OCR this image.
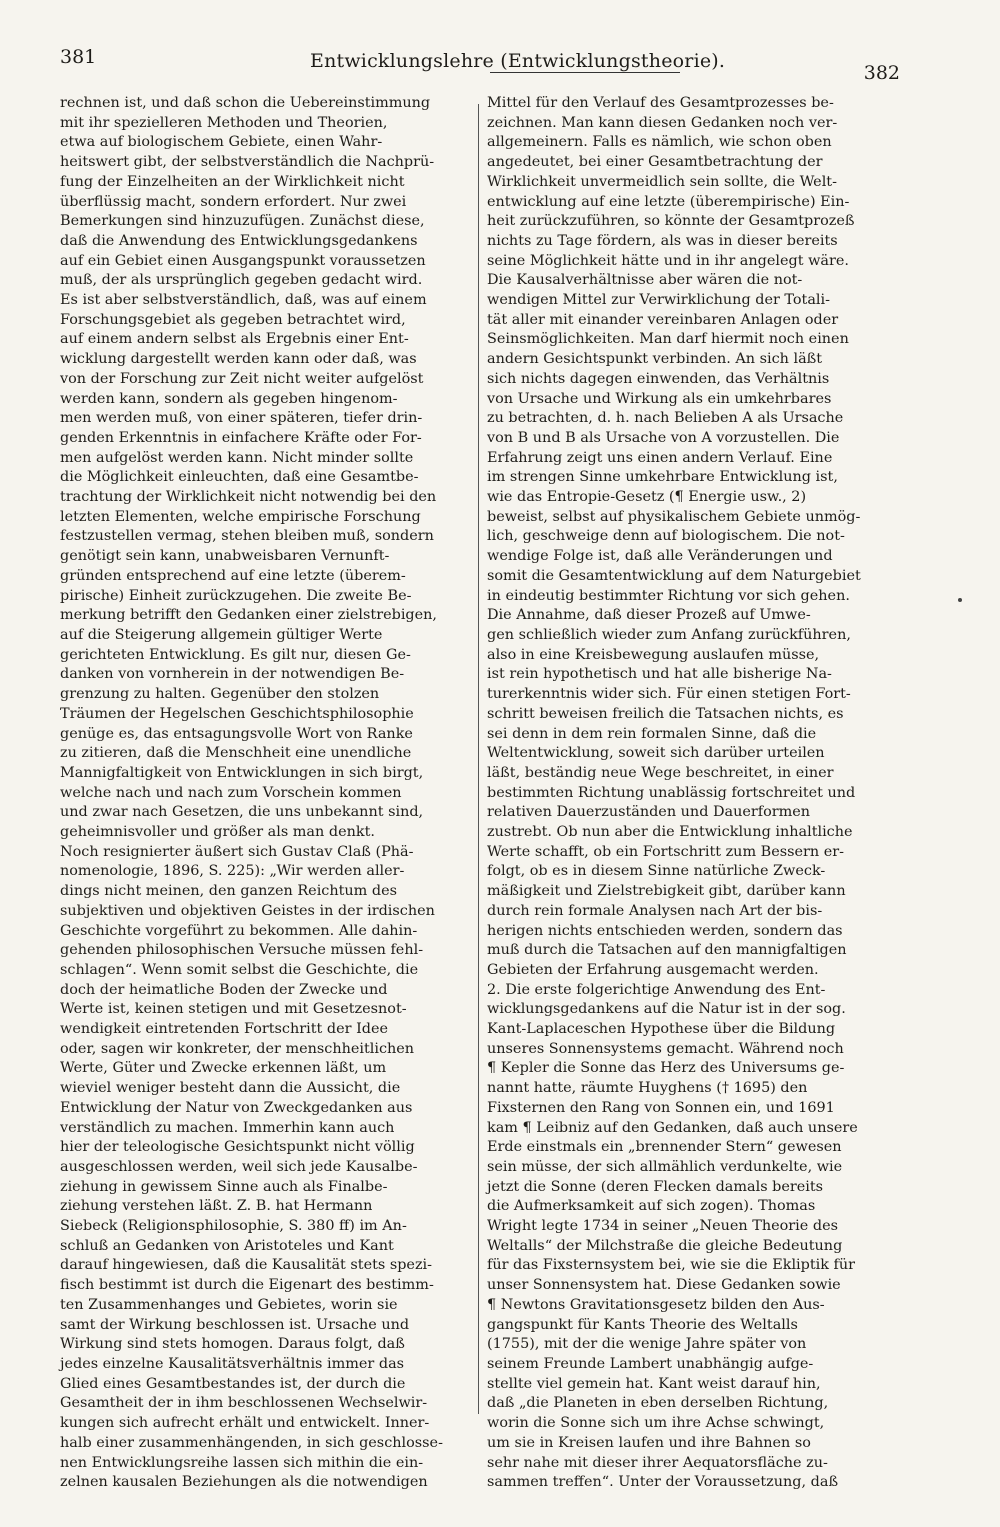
381	Entwicklungslehre (Entwicklungstheorie).
382

rechnen ist, und daß schon die Uebereinstimmung
mit ihr spezielleren Methoden und Theorien,
etwa auf biologischem Gebiete, einen Wahr-
heitswert gibt, der selbstverständlich die Nachprü-
fung der Einzelheiten an der Wirklichkeit nicht
überflüssig macht, sondern erfordert. Nur zwei
Bemerkungen sind hinzuzufügen. Zunächst diese,
daß die Anwendung des Entwicklungsgedankens
auf ein Gebiet einen Ausgangspunkt voraussetzen
muß, der als ursprünglich gegeben gedacht wird.
Es ist aber selbstverständlich, daß, was auf einem
Forschungsgebiet als gegeben betrachtet wird,
auf einem andern selbst als Ergebnis einer Ent-
wicklung dargestellt werden kann oder daß, was
von der Forschung zur Zeit nicht weiter aufgelöst
werden kann, sondern als gegeben hingenom-
men werden muß, von einer späteren, tiefer drin-
genden Erkenntnis in einfachere Kräfte oder For-
men aufgelöst werden kann. Nicht minder sollte
die Möglichkeit einleuchten, daß eine Gesamtbe-
trachtung der Wirklichkeit nicht notwendig bei den
letzten Elementen, welche empirische Forschung
festzustellen vermag, stehen bleiben muß, sondern
genötigt sein kann, unabweisbaren Vernunft-
gründen entsprechend auf eine letzte (überem-
pirische) Einheit zurückzugehen. Die zweite Be-
merkung betrifft den Gedanken einer zielstrebigen,
auf die Steigerung allgemein gültiger Werte
gerichteten Entwicklung. Es gilt nur, diesen Ge-
danken von vornherein in der notwendigen Be-
grenzung zu halten. Gegenüber den stolzen
Träumen der Hegelschen Geschichtsphilosophie
genüge es, das entsagungsvolle Wort von Ranke
zu zitieren, daß die Menschheit eine unendliche
Mannigfaltigkeit von Entwicklungen in sich birgt,
welche nach und nach zum Vorschein kommen
und zwar nach Gesetzen, die uns unbekannt sind,
geheimnisvoller und größer als man denkt.
Noch resignierter äußert sich Gustav Claß (Phä-
nomenologie, 1896, S. 225): „Wir werden aller-
dings nicht meinen, den ganzen Reichtum des
subjektiven und objektiven Geistes in der irdischen
Geschichte vorgeführt zu bekommen. Alle dahin-
gehenden philosophischen Versuche müssen fehl-
schlagen“. Wenn somit selbst die Geschichte, die
doch der heimatliche Boden der Zwecke und
Werte ist, keinen stetigen und mit Gesetzesnot-
wendigkeit eintretenden Fortschritt der Idee
oder, sagen wir konkreter, der menschheitlichen
Werte, Güter und Zwecke erkennen läßt, um
wieviel weniger besteht dann die Aussicht, die
Entwicklung der Natur von Zweckgedanken aus
verständlich zu machen. Immerhin kann auch
hier der teleologische Gesichtspunkt nicht völlig
ausgeschlossen werden, weil sich jede Kausalbe-
ziehung in gewissem Sinne auch als Finalbe-
ziehung verstehen läßt. Z. B. hat Hermann
Siebeck (Religionsphilosophie, S. 380 ff) im An-
schluß an Gedanken von Aristoteles und Kant
darauf hingewiesen, daß die Kausalität stets spezi-
fisch bestimmt ist durch die Eigenart des bestimm-
ten Zusammenhanges und Gebietes, worin sie
samt der Wirkung beschlossen ist. Ursache und
Wirkung sind stets homogen. Daraus folgt, daß
jedes einzelne Kausalitätsverhältnis immer das
Glied eines Gesamtbestandes ist, der durch die
Gesamtheit der in ihm beschlossenen Wechselwir-
kungen sich aufrecht erhält und entwickelt. Inner-
halb einer zusammenhängenden, in sich geschlosse-
nen Entwicklungsreihe lassen sich mithin die ein-
zelnen kausalen Beziehungen als die notwendigen

Mittel für den Verlauf des Gesamtprozesses be-
zeichnen. Man kann diesen Gedanken noch ver-
allgemeinern. Falls es nämlich, wie schon oben
angedeutet, bei einer Gesamtbetrachtung der
Wirklichkeit unvermeidlich sein sollte, die Welt-
entwicklung auf eine letzte (überempirische) Ein-
heit zurückzuführen, so könnte der Gesamtprozeß
nichts zu Tage fördern, als was in dieser bereits
seine Möglichkeit hätte und in ihr angelegt wäre.
Die Kausalverhältnisse aber wären die not-
wendigen Mittel zur Verwirklichung der Totali-
tät aller mit einander vereinbaren Anlagen oder
Seinsmöglichkeiten. Man darf hiermit noch einen
andern Gesichtspunkt verbinden. An sich läßt
sich nichts dagegen einwenden, das Verhältnis
von Ursache und Wirkung als ein umkehrbares
zu betrachten, d. h. nach Belieben A als Ursache
von B und B als Ursache von A vorzustellen. Die
Erfahrung zeigt uns einen andern Verlauf. Eine
im strengen Sinne umkehrbare Entwicklung ist,
wie das Entropie-Gesetz (¶ Energie usw., 2)
beweist, selbst auf physikalischem Gebiete unmög-
lich, geschweige denn auf biologischem. Die not-
wendige Folge ist, daß alle Veränderungen und
somit die Gesamtentwicklung auf dem Naturgebiet
in eindeutig bestimmter Richtung vor sich gehen.
Die Annahme, daß dieser Prozeß auf Umwe-
gen schließlich wieder zum Anfang zurückführen,
also in eine Kreisbewegung auslaufen müsse,
ist rein hypothetisch und hat alle bisherige Na-
turerkenntnis wider sich. Für einen stetigen Fort-
schritt beweisen freilich die Tatsachen nichts, es
sei denn in dem rein formalen Sinne, daß die
Weltentwicklung, soweit sich darüber urteilen
läßt, beständig neue Wege beschreitet, in einer
bestimmten Richtung unablässig fortschreitet und
relativen Dauerzuständen und Dauerformen
zustrebt. Ob nun aber die Entwicklung inhaltliche
Werte schafft, ob ein Fortschritt zum Bessern er-
folgt, ob es in diesem Sinne natürliche Zweck-
mäßigkeit und Zielstrebigkeit gibt, darüber kann
durch rein formale Analysen nach Art der bis-
herigen nichts entschieden werden, sondern das
muß durch die Tatsachen auf den mannigfaltigen
Gebieten der Erfahrung ausgemacht werden.

2. Die erste folgerichtige Anwendung des Ent-
wicklungsgedankens auf die Natur ist in der sog.
Kant-Laplaceschen Hypothese über die Bildung
unseres Sonnensystems gemacht. Während noch
¶ Kepler die Sonne das Herz des Universums ge-
nannt hatte, räumte Huyghens († 1695) den
Fixsternen den Rang von Sonnen ein, und 1691
kam ¶ Leibniz auf den Gedanken, daß auch unsere
Erde einstmals ein „brennender Stern“ gewesen
sein müsse, der sich allmählich verdunkelte, wie
jetzt die Sonne (deren Flecken damals bereits
die Aufmerksamkeit auf sich zogen). Thomas
Wright legte 1734 in seiner „Neuen Theorie des
Weltalls“ der Milchstraße die gleiche Bedeutung
für das Fixsternsystem bei, wie sie die Ekliptik für
unser Sonnensystem hat. Diese Gedanken sowie
¶ Newtons Gravitationsgesetz bilden den Aus-
gangspunkt für Kants Theorie des Weltalls
(1755), mit der die wenige Jahre später von
seinem Freunde Lambert unabhängig aufge-
stellte viel gemein hat. Kant weist darauf hin,
daß „die Planeten in eben derselben Richtung,
worin die Sonne sich um ihre Achse schwingt,
um sie in Kreisen laufen und ihre Bahnen so
sehr nahe mit dieser ihrer Aequatorsfläche zu-
sammen treffen“. Unter der Voraussetzung, daß
